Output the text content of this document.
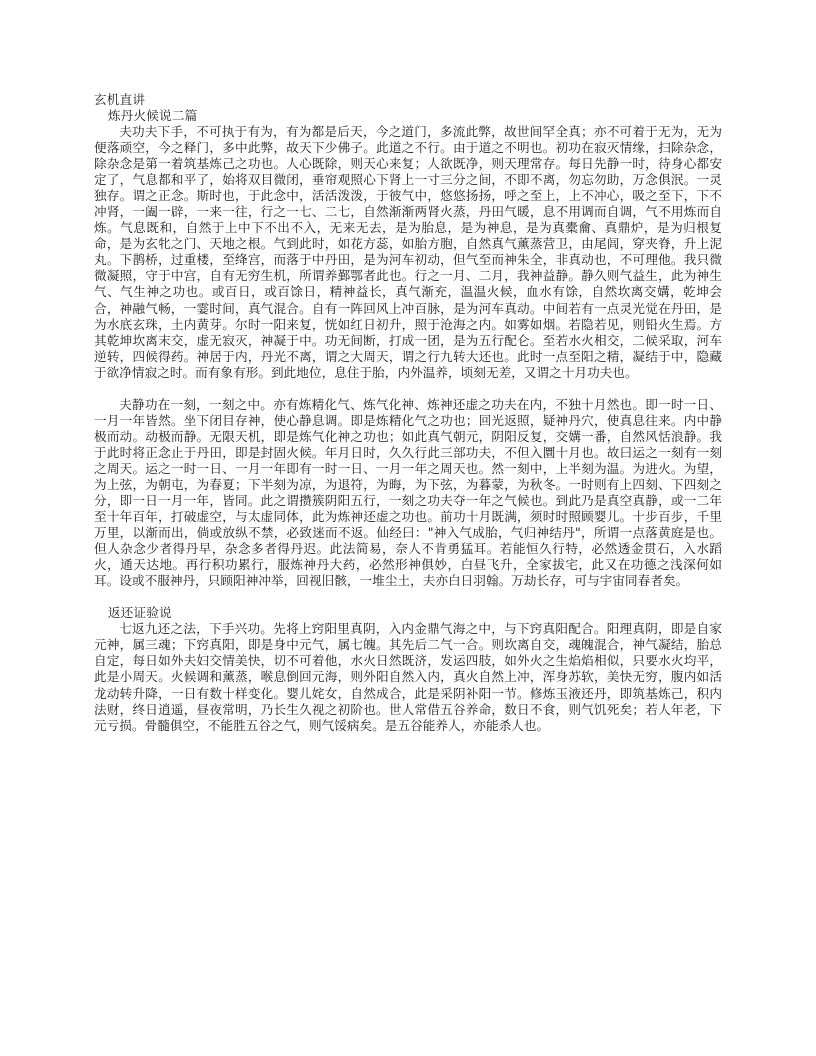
玄机直讲
炼丹火候说二篇

夫功夫下手，不可执于有为，有为都是后天，今之道门，多流此弊，故世间罕全真；亦不可着于无为，无为便落顽空，今之释门，多中此弊，故天下少佛子。此道之不行。由于道之不明也。初功在寂灭情缘，扫除杂念，除杂念是第一着筑基炼己之功也。人心既除，则天心来复；人欲既净，则天理常存。每日先静一时，待身心都安定了，气息都和平了，始将双目微闭，垂帘观照心下肾上一寸三分之间，不即不离，勿忘勿助，万念俱泯。一灵独存。谓之正念。斯时也，于此念中，活活泼泼，于彼气中，悠悠扬扬，呼之至上，上不冲心，吸之至下，下不冲肾，一阖一辟，一来一往，行之一七、二七，自然渐渐两肾火蒸，丹田气暖，息不用调而自调，气不用炼而自炼。气息既和，自然于上中下不出不入，无来无去，是为胎息，是为神息，是为真橐龠、真鼎炉，是为归根复命，是为玄牝之门、天地之根。气到此时，如花方蕊，如胎方胞，自然真气薰蒸营卫，由尾闾，穿夹脊，升上泥丸。下鹊桥，过重楼，至绛宫，而落于中丹田，是为河车初动，但气至而神朱全，非真动也，不可理他。我只微微凝照，守于中宫，自有无穷生机，所谓养鄞鄂者此也。行之一月、二月，我神益静。静久则气益生，此为神生气、气生神之功也。或百日，或百馀日，精神益长，真气渐充，温温火候，血水有馀，自然坎离交媾，乾坤会合，神融气畅，一霎时间，真气混合。自有一阵回风上冲百脉，是为河车真动。中间若有一点灵光觉在丹田，是为水底玄珠，土内黄芽。尔时一阳来复，恍如红日初升，照于沧海之内。如雾如烟。若隐若见，则铅火生焉。方其乾坤坎离末交，虚无寂灭，神凝于中。功无间断，打成一团，是为五行配仑。至若水火相交，二候采取，河车逆转，四候得药。神居于内，丹光不离，谓之大周天，谓之行九转大还也。此时一点至阳之精，凝结于中，隐藏于欲净情寂之时。而有象有形。到此地位，息住于胎，内外温养，顷刻无差，又谓之十月功夫也。

夫静功在一刻，一刻之中。亦有炼精化气、炼气化神、炼神还虚之功夫在内，不独十月然也。即一时一日、一月一年皆然。坐下闭目存神，使心静息调。即是炼精化气之功也；回光返照，疑神丹穴，使真息往来。内中静极而动。动极而静。无限天机，即是炼气化神之功也；如此真气朝元，阴阳反复，交媾一番，自然风恬浪静。我于此时将正念止于丹田，即是封固火候。年月日时，久久行此三部功夫，不但入圜十月也。故曰运之一刻有一刻之周天。运之一时一日、一月一年即有一时一日、一月一年之周天也。然一刻中，上半刻为温。为进火。为望，为上弦，为朝屯，为春夏；下半刻为凉，为退符，为晦，为下弦，为暮蒙，为秋冬。一时则有上四刻、下四刻之分，即一日一月一年，皆同。此之谓攒簇阴阳五行，一刻之功夫夺一年之气候也。到此乃是真空真静，或一二年至十年百年，打破虚空，与太虚同体，此为炼神还虚之功也。前功十月既满，须时时照顾婴儿。十步百步，千里万里，以渐而出，倘或放纵不禁，必致迷而不返。仙经曰："神入气成胎，气归神结丹"，所谓一点落黄庭是也。但人杂念少者得丹早，杂念多者得丹迟。此法简易，奈人不肯勇猛耳。若能恒久行特，必然透金贯石，入水蹈火，通天达地。再行积功累行，服炼神丹大药，必然形神俱妙，白昼飞升，全家拔宅，此又在功德之浅深何如耳。设或不服神丹，只顾阳神冲举，回视旧骸，一堆尘土，夫亦白日羽翰。万劫长存，可与宇宙同春者矣。

返还证验说

七返九还之法，下手兴功。先将上窍阳里真阴，入内金鼎气海之中，与下窍真阳配合。阳理真阴，即是自家元神，属三魂；下窍真阳，即是身中元气，属七魄。其先后二气一合。则坎离自交，魂魄混合，神气凝结，胎总自定，每日如外夫妇交情美快，切不可着他，水火日然既济，发运四肢，如外火之生焰焰相似，只要水火均平，此是小周天。火候调和薰蒸，喉息倒回元海，则外阳自然入内，真火自然上冲，浑身苏软，美快无穷，腹内如活龙动转升降，一日有数十样变化。婴儿姹女，自然成合，此是采阴补阳一节。修炼玉液还丹，即筑基炼己，积内法财，终日逍遥，昼夜常明，乃长生久视之初阶也。世人常借五谷养命，数日不食，则气饥死矣；若人年老，下元亏损。骨髓俱空，不能胜五谷之气，则气馁病矣。是五谷能养人，亦能杀人也。
